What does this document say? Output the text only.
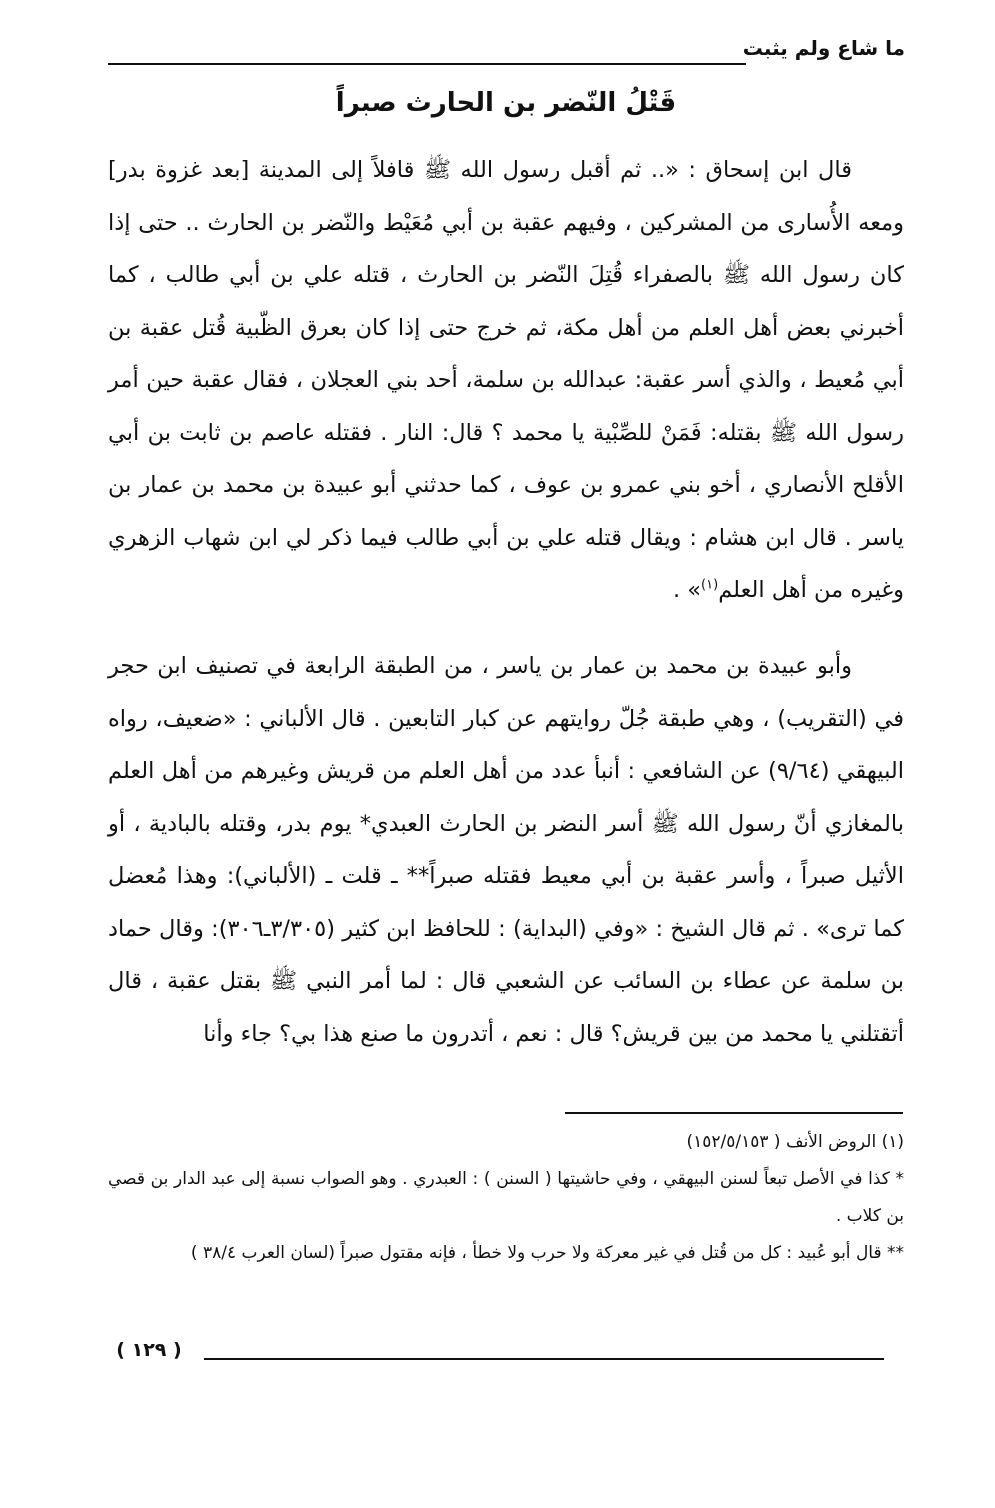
ما شاع ولم يثبت
قَتْلُ النّضر بن الحارث صبراً

قال ابن إسحاق : «.. ثم أقبل رسول الله ﷺ قافلاً إلى المدينة [بعد غزوة بدر] ومعه الأُسارى من المشركين ، وفيهم عقبة بن أبي مُعَيْط والنّضر بن الحارث .. حتى إذا كان رسول الله ﷺ بالصفراء قُتِلَ النّضر بن الحارث ، قتله علي بن أبي طالب ، كما أخبرني بعض أهل العلم من أهل مكة، ثم خرج حتى إذا كان بعرق الظّبية قُتل عقبة بن أبي مُعيط ، والذي أسر عقبة: عبدالله بن سلمة، أحد بني العجلان ، فقال عقبة حين أمر رسول الله ﷺ بقتله: فَمَنْ للصِّبْية يا محمد ؟ قال: النار . فقتله عاصم بن ثابت بن أبي الأقلح الأنصاري ، أخو بني عمرو بن عوف ، كما حدثني أبو عبيدة بن محمد بن عمار بن ياسر . قال ابن هشام : ويقال قتله علي بن أبي طالب فيما ذكر لي ابن شهاب الزهري وغيره من أهل العلم$^{(١)}$» .

وأبو عبيدة بن محمد بن عمار بن ياسر ، من الطبقة الرابعة في تصنيف ابن حجر في (التقريب) ، وهي طبقة جُلّ روايتهم عن كبار التابعين . قال الألباني : «ضعيف، رواه البيهقي (٩/٦٤) عن الشافعي : أنبأ عدد من أهل العلم من قريش وغيرهم من أهل العلم بالمغازي أنّ رسول الله ﷺ أسر النضر بن الحارث العبدي* يوم بدر، وقتله بالبادية ، أو الأثيل صبراً ، وأسر عقبة بن أبي معيط فقتله صبراً** ـ قلت ـ (الألباني): وهذا مُعضل كما ترى» . ثم قال الشيخ : «وفي (البداية) : للحافظ ابن كثير (٣/٣٠٥ـ٣٠٦): وقال حماد بن سلمة عن عطاء بن السائب عن الشعبي قال : لما أمر النبي ﷺ بقتل عقبة ، قال أتقتلني يا محمد من بين قريش؟ قال : نعم ، أتدرون ما صنع هذا بي؟ جاء وأنا

(١) الروض الأنف ( ١٥٢/٥/١٥٣)

* كذا في الأصل تبعاً لسنن البيهقي ، وفي حاشيتها ( السنن ) : العبدري . وهو الصواب نسبة إلى عبد الدار بن قصي بن كلاب .

** قال أبو عُبيد : كل من قُتل في غير معركة ولا حرب ولا خطأ ، فإنه مقتول صبراً (لسان العرب ٣٨/٤ )

( ١٢٩ )
